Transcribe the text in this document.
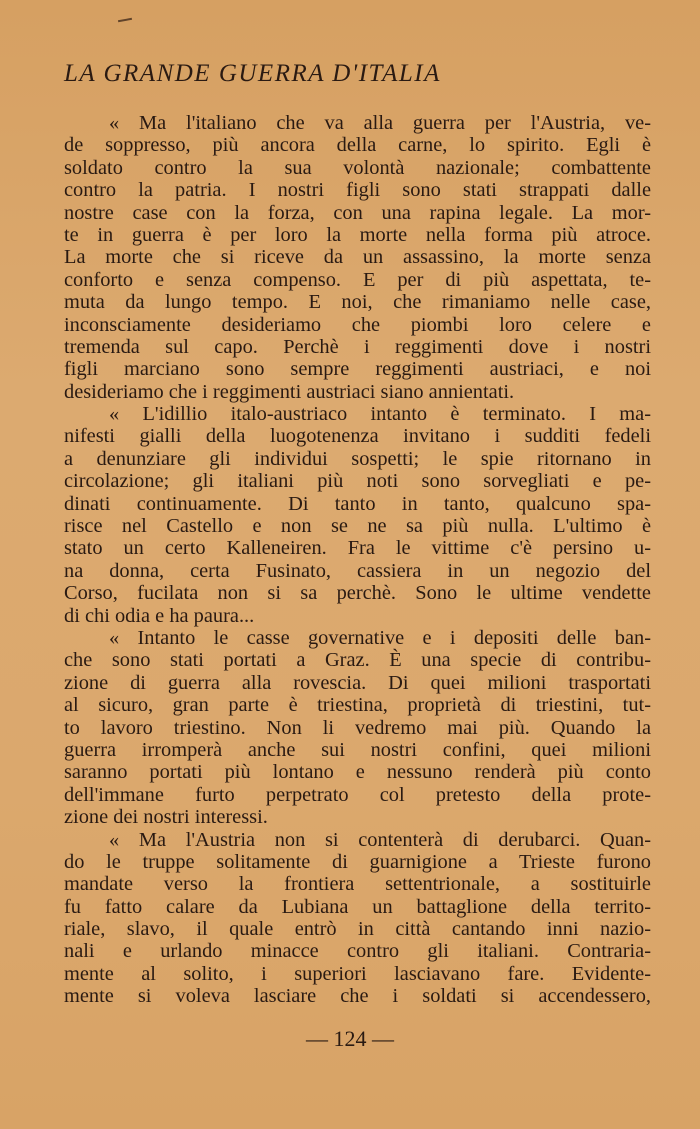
LA GRANDE GUERRA D'ITALIA
« Ma l'italiano che va alla guerra per l'Austria, ve-
de soppresso, più ancora della carne, lo spirito. Egli è
soldato contro la sua volontà nazionale; combattente
contro la patria. I nostri figli sono stati strappati dalle
nostre case con la forza, con una rapina legale. La mor-
te in guerra è per loro la morte nella forma più atroce.
La morte che si riceve da un assassino, la morte senza
conforto e senza compenso. E per di più aspettata, te-
muta da lungo tempo. E noi, che rimaniamo nelle case,
inconsciamente desideriamo che piombi loro celere e
tremenda sul capo. Perchè i reggimenti dove i nostri
figli marciano sono sempre reggimenti austriaci, e noi
desideriamo che i reggimenti austriaci siano annientati.
« L'idillio italo-austriaco intanto è terminato. I ma-
nifesti gialli della luogotenenza invitano i sudditi fedeli
a denunziare gli individui sospetti; le spie ritornano in
circolazione; gli italiani più noti sono sorvegliati e pe-
dinati continuamente. Di tanto in tanto, qualcuno spa-
risce nel Castello e non se ne sa più nulla. L'ultimo è
stato un certo Kalleneiren. Fra le vittime c'è persino u-
na donna, certa Fusinato, cassiera in un negozio del
Corso, fucilata non si sa perchè. Sono le ultime vendette
di chi odia e ha paura...
« Intanto le casse governative e i depositi delle ban-
che sono stati portati a Graz. È una specie di contribu-
zione di guerra alla rovescia. Di quei milioni trasportati
al sicuro, gran parte è triestina, proprietà di triestini, tut-
to lavoro triestino. Non li vedremo mai più. Quando la
guerra irromperà anche sui nostri confini, quei milioni
saranno portati più lontano e nessuno renderà più conto
dell'immane furto perpetrato col pretesto della prote-
zione dei nostri interessi.
« Ma l'Austria non si contenterà di derubarci. Quan-
do le truppe solitamente di guarnigione a Trieste furono
mandate verso la frontiera settentrionale, a sostituirle
fu fatto calare da Lubiana un battaglione della territo-
riale, slavo, il quale entrò in città cantando inni nazio-
nali e urlando minacce contro gli italiani. Contraria-
mente al solito, i superiori lasciavano fare. Evidente-
mente si voleva lasciare che i soldati si accendessero,
— 124 —
